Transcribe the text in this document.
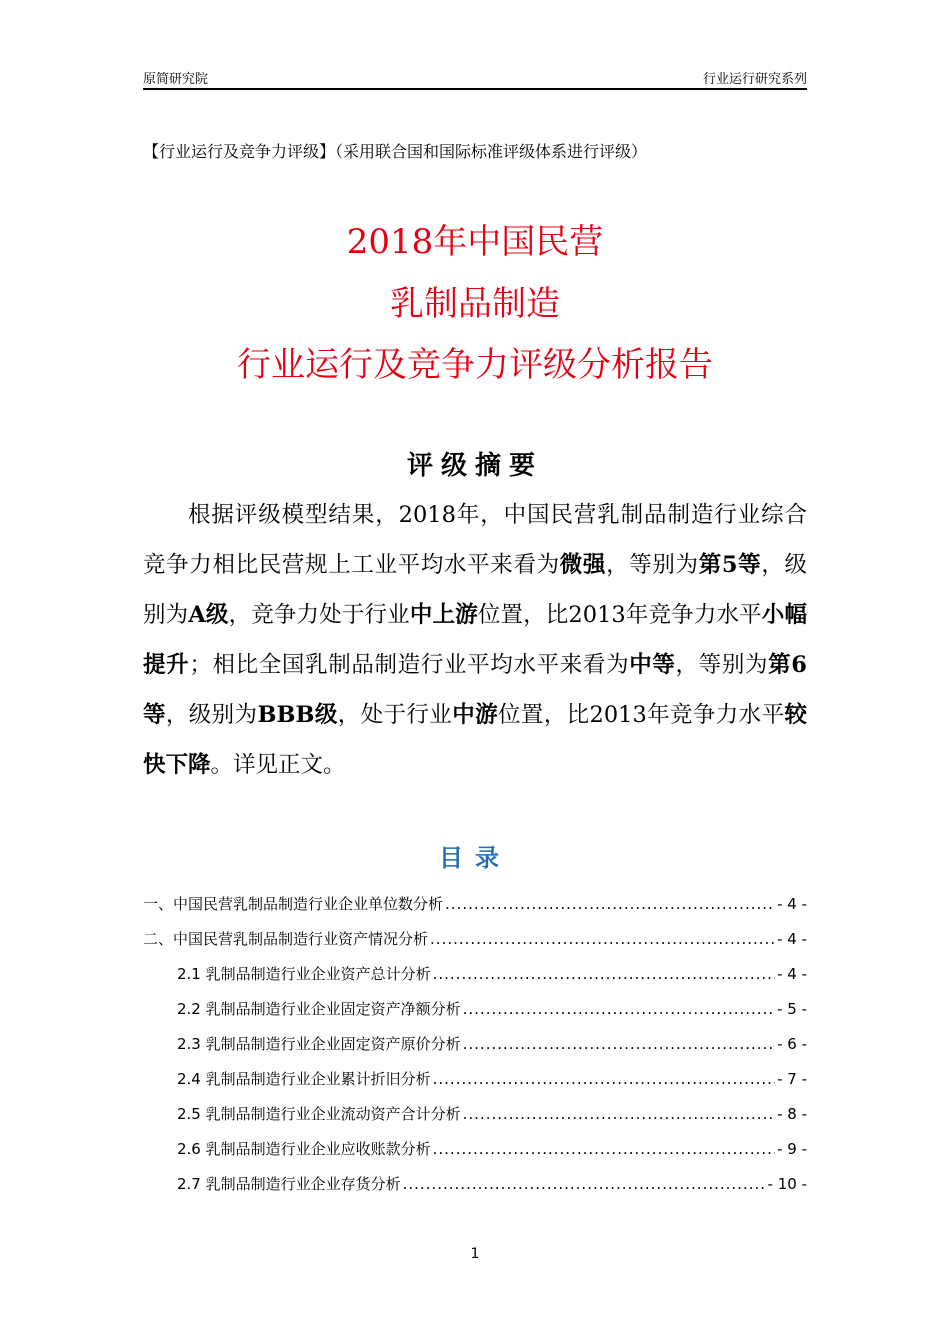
原简研究院	行业运行研究系列
【行业运行及竞争力评级】（采用联合国和国际标准评级体系进行评级）
2018年中国民营
乳制品制造
行业运行及竞争力评级分析报告
评级摘要

根据评级模型结果，2018年，中国民营乳制品制造行业综合竞争力相比民营规上工业平均水平来看为微强，等别为第5等，级别为A级，竞争力处于行业中上游位置，比2013年竞争力水平小幅提升；相比全国乳制品制造行业平均水平来看为中等，等别为第6等，级别为BBB级，处于行业中游位置，比2013年竞争力水平较快下降。详见正文。

目录
一、中国民营乳制品制造行业企业单位数分析 .....	- 4 -
二、中国民营乳制品制造行业资产情况分析 .....	- 4 -
2.1 乳制品制造行业企业资产总计分析 .....	- 4 -
2.2 乳制品制造行业企业固定资产净额分析 .....	- 5 -
2.3 乳制品制造行业企业固定资产原价分析 .....	- 6 -
2.4 乳制品制造行业企业累计折旧分析 .....	- 7 -
2.5 乳制品制造行业企业流动资产合计分析 .....	- 8 -
2.6 乳制品制造行业企业应收账款分析 .....	- 9 -
2.7 乳制品制造行业企业存货分析 .....	- 10 -
1
